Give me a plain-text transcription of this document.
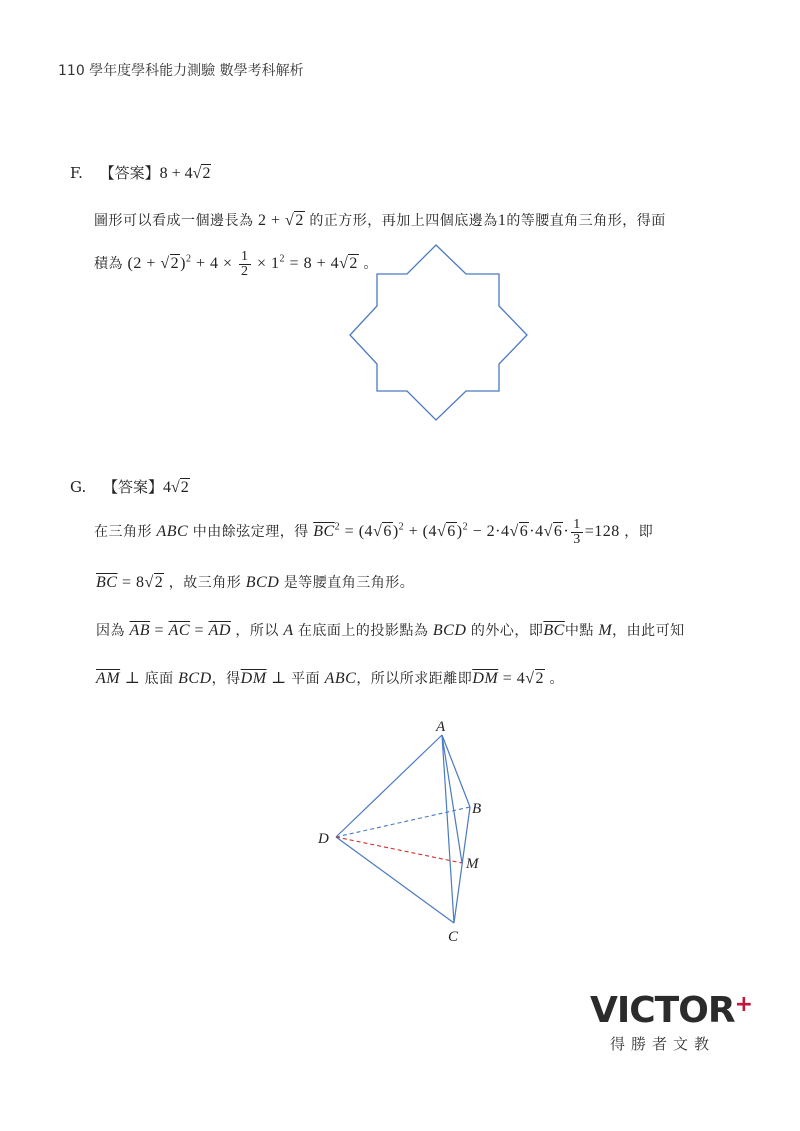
110 學年度學科能力測驗 數學考科解析
F. 【答案】8 + 4√2
圖形可以看成一個邊長為 2 + √2 的正方形，再加上四個底邊為1的等腰直角三角形，得面
積為 $(2 + √2)^2 + 4 \times \frac{1}{2} \times 1^2 = 8 + 4√2$ 。
G. 【答案】4√2
在三角形 ABC 中由餘弦定理，得 $\overline{BC}^2 = (4√6)^2 + (4√6)^2 - 2\cdot 4√6\cdot 4√6\cdot \frac{1}{3} =128$ ，即
$\overline{BC} = 8√2$ ，故三角形 BCD 是等腰直角三角形。
因為 $\overline{AB} = \overline{AC} = \overline{AD}$ ，所以 A 在底面上的投影點為 BCD 的外心，即$\overline{BC}$中點 M，由此可知
$\overline{AM}$ ⊥ 底面 BCD，得$\overline{DM}$ ⊥ 平面 ABC，所以所求距離即$\overline{DM} = 4√2$ 。
A
B
D
M
C
VICTOR+
得勝者文教
